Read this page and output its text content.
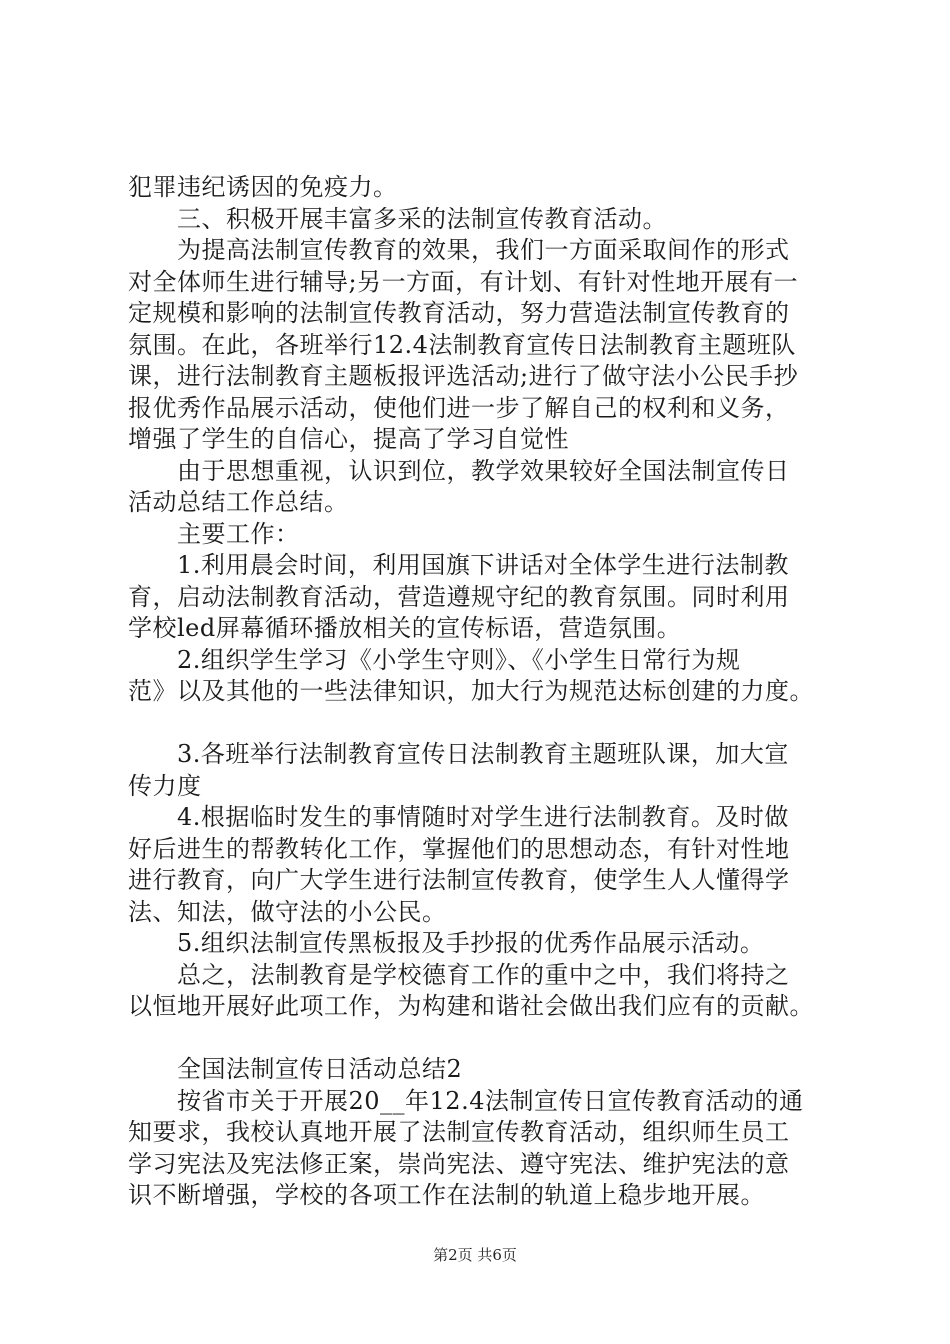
犯罪违纪诱因的免疫力。
　　三、积极开展丰富多采的法制宣传教育活动。
　　为提高法制宣传教育的效果，我们一方面采取间作的形式
对全体师生进行辅导;另一方面，有计划、有针对性地开展有一
定规模和影响的法制宣传教育活动，努力营造法制宣传教育的
氛围。在此，各班举行12.4法制教育宣传日法制教育主题班队
课，进行法制教育主题板报评选活动;进行了做守法小公民手抄
报优秀作品展示活动，使他们进一步了解自己的权利和义务，
增强了学生的自信心，提高了学习自觉性
　　由于思想重视，认识到位，教学效果较好全国法制宣传日
活动总结工作总结。
　　主要工作：
　　1.利用晨会时间，利用国旗下讲话对全体学生进行法制教
育，启动法制教育活动，营造遵规守纪的教育氛围。同时利用
学校led屏幕循环播放相关的宣传标语，营造氛围。
　　2.组织学生学习《小学生守则》、《小学生日常行为规
范》以及其他的一些法律知识，加大行为规范达标创建的力度。
　　3.各班举行法制教育宣传日法制教育主题班队课，加大宣
传力度
　　4.根据临时发生的事情随时对学生进行法制教育。及时做
好后进生的帮教转化工作，掌握他们的思想动态，有针对性地
进行教育，向广大学生进行法制宣传教育，使学生人人懂得学
法、知法，做守法的小公民。
　　5.组织法制宣传黑板报及手抄报的优秀作品展示活动。
　　总之，法制教育是学校德育工作的重中之中，我们将持之
以恒地开展好此项工作，为构建和谐社会做出我们应有的贡献。
　　全国法制宣传日活动总结2
　　按省市关于开展20__年12.4法制宣传日宣传教育活动的通
知要求，我校认真地开展了法制宣传教育活动，组织师生员工
学习宪法及宪法修正案，崇尚宪法、遵守宪法、维护宪法的意
识不断增强，学校的各项工作在法制的轨道上稳步地开展。
第2页 共6页
